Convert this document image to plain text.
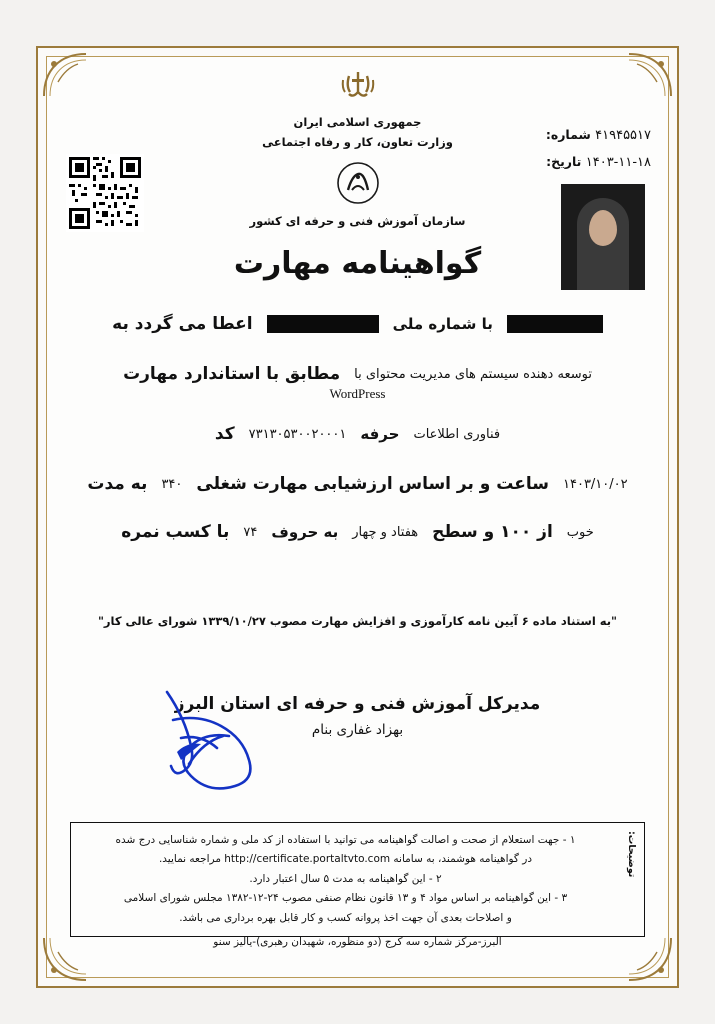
جمهوری اسلامی ایران
وزارت تعاون، کار و رفاه اجتماعی
سازمان آموزش فنی و حرفه ای کشور
۴۱۹۴۵۵۱۷ شماره:
۱۴۰۳-۱۱-۱۸ تاریخ:
گواهینامه مهارت
با شماره ملی
اعطا می گردد به
توسعه دهنده سیستم های مدیریت محتوای با
مطابق با استاندارد مهارت
WordPress
فناوری اطلاعات
حرفه
۷۳۱۳۰۵۳۰۰۲۰۰۰۱
کد
۱۴۰۳/۱۰/۰۲
ساعت و بر اساس ارزشیابی مهارت شغلی
۳۴۰
به مدت
خوب
از ۱۰۰ و سطح
هفتاد و چهار
به حروف
۷۴
با کسب نمره
"به استناد ماده ۶ آیین نامه کارآموزی و افزایش مهارت مصوب ۱۳۳۹/۱۰/۲۷ شورای عالی کار"
مدیرکل آموزش فنی و حرفه ای استان البرز
بهزاد غفاری بنام
توضیحات:

۱ - جهت استعلام از صحت و اصالت گواهینامه می توانید با استفاده از کد ملی و شماره شناسایی درج شده

در گواهینامه هوشمند، به سامانه http://certificate.portaltvto.com مراجعه نمایید.

۲ - این گواهینامه به مدت ۵ سال اعتبار دارد.

۳ - این گواهینامه بر اساس مواد ۴ و ۱۳ قانون نظام صنفی مصوب ۲۴-۱۲-۱۳۸۲ مجلس شورای اسلامی

و اصلاحات بعدی آن جهت اخذ پروانه کسب و کار قابل بهره برداری می باشد.

البرز-مرکز شماره سه کرج (دو منظوره، شهیدان رهبری)-یالیز سنو
